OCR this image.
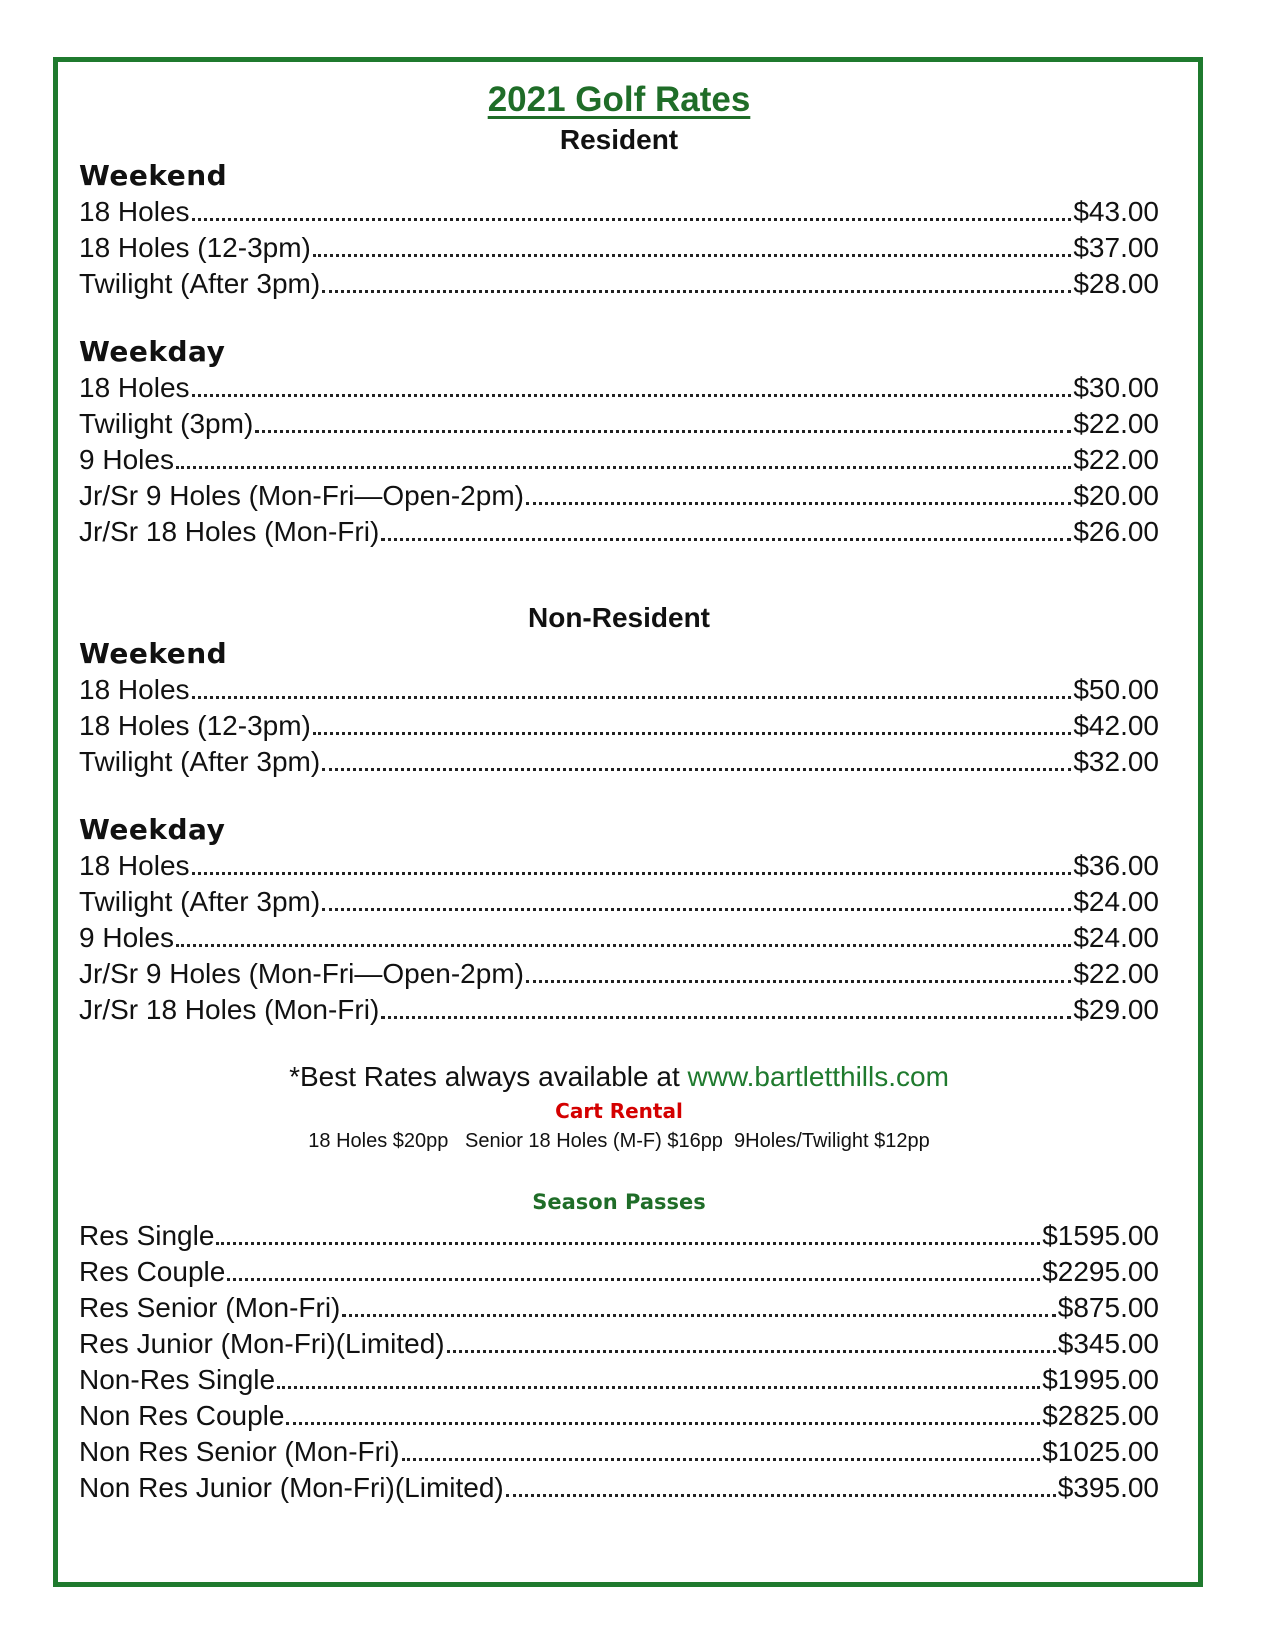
2021 Golf Rates
Resident
Weekend
18 Holes	$43.00
18 Holes (12-3pm)	$37.00
Twilight (After 3pm)	$28.00
Weekday
18 Holes	$30.00
Twilight (3pm)	$22.00
9 Holes	$22.00
Jr/Sr 9 Holes (Mon-Fri—Open-2pm)	$20.00
Jr/Sr 18 Holes (Mon-Fri)	$26.00
Non-Resident
Weekend
18 Holes	$50.00
18 Holes (12-3pm)	$42.00
Twilight (After 3pm)	$32.00
Weekday
18 Holes	$36.00
Twilight (After 3pm)	$24.00
9 Holes	$24.00
Jr/Sr 9 Holes (Mon-Fri—Open-2pm)	$22.00
Jr/Sr 18 Holes (Mon-Fri)	$29.00

*Best Rates always available at www.bartletthills.com

Cart Rental

18 Holes $20pp   Senior 18 Holes (M-F) $16pp  9Holes/Twilight $12pp

Season Passes

Res Single	$1595.00
Res Couple	$2295.00
Res Senior (Mon-Fri)	$875.00
Res Junior (Mon-Fri)(Limited)	$345.00
Non-Res Single	$1995.00
Non Res Couple	$2825.00
Non Res Senior (Mon-Fri)	$1025.00
Non Res Junior (Mon-Fri)(Limited)	$395.00
